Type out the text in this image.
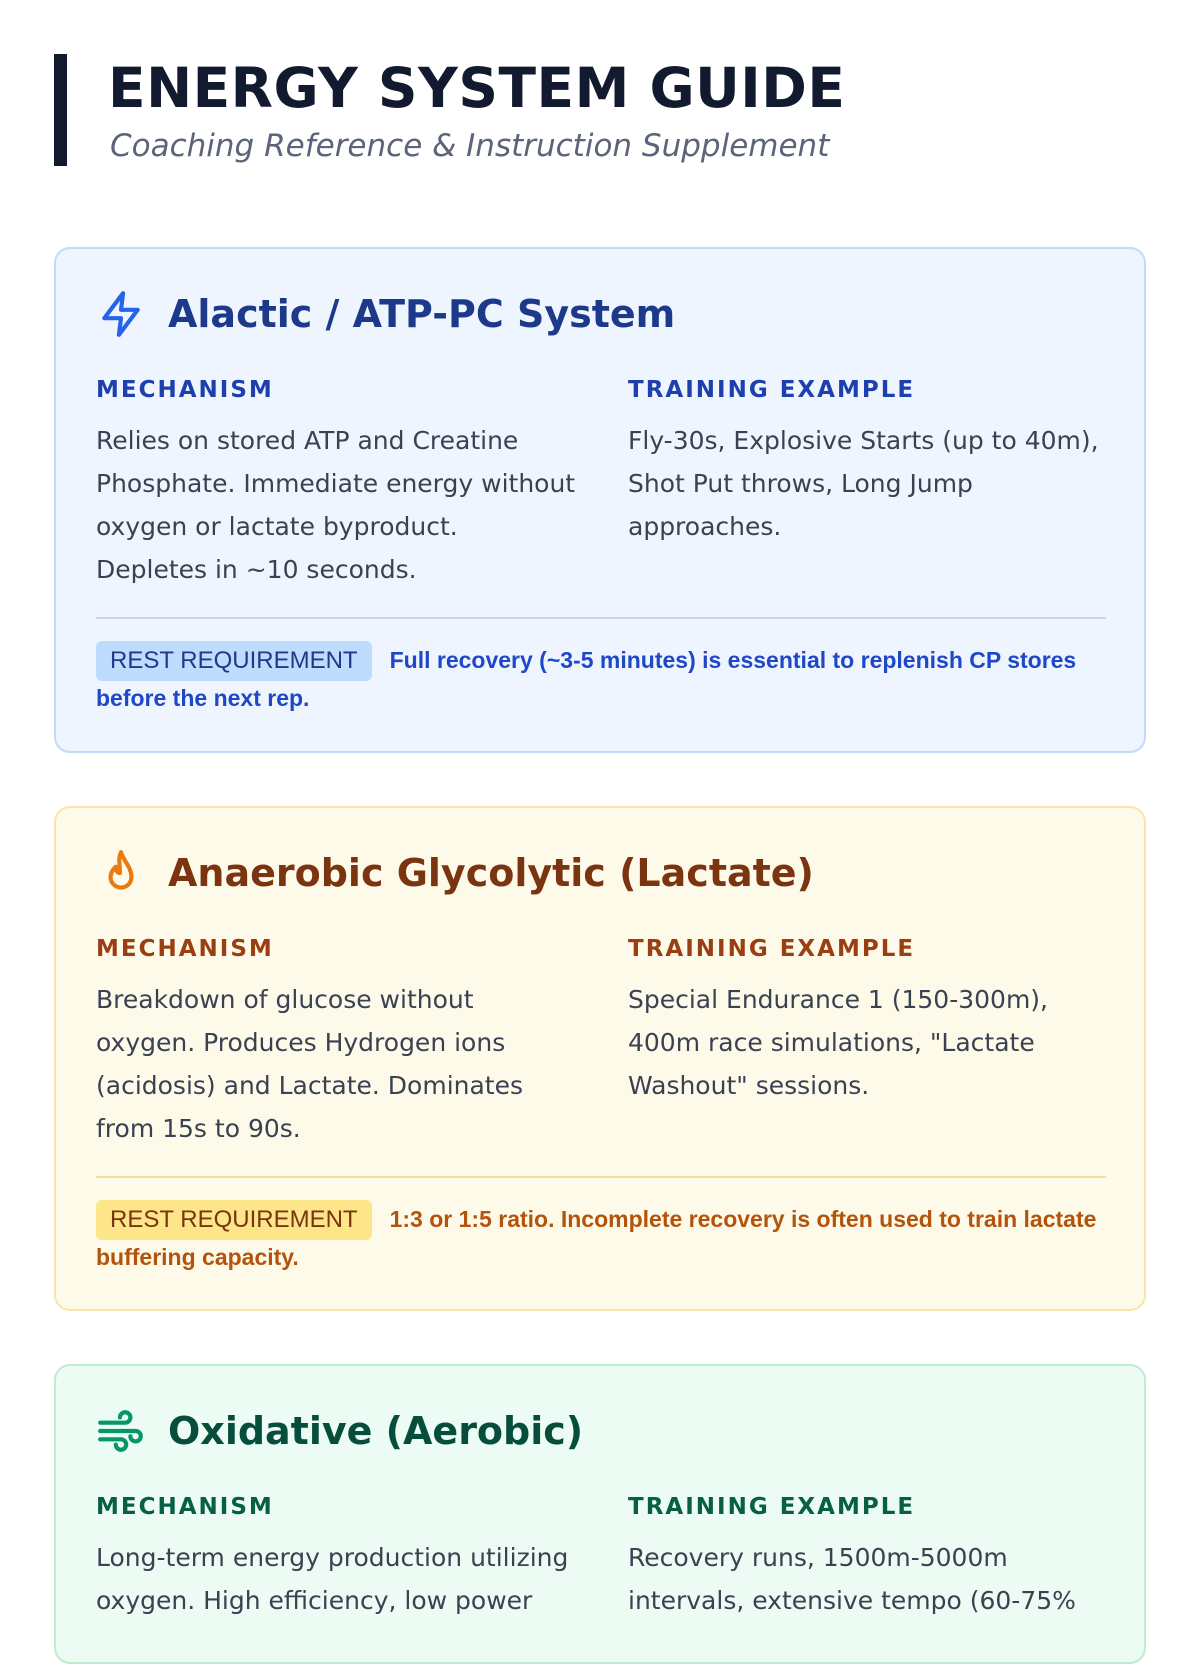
ENERGY SYSTEM GUIDE

Coaching Reference & Instruction Supplement

Alactic / ATP-PC System
MECHANISM

Relies on stored ATP and Creatine Phosphate. Immediate energy without oxygen or lactate byproduct. Depletes in ~10 seconds.

TRAINING EXAMPLE

Fly-30s, Explosive Starts (up to 40m), Shot Put throws, Long Jump approaches.

REST REQUIREMENT Full recovery (~3-5 minutes) is essential to replenish CP stores before the next rep.

Anaerobic Glycolytic (Lactate)
MECHANISM

Breakdown of glucose without oxygen. Produces Hydrogen ions (acidosis) and Lactate. Dominates from 15s to 90s.

TRAINING EXAMPLE

Special Endurance 1 (150-300m), 400m race simulations, "Lactate Washout" sessions.

REST REQUIREMENT 1:3 or 1:5 ratio. Incomplete recovery is often used to train lactate buffering capacity.

Oxidative (Aerobic)
MECHANISM

Long-term energy production utilizing oxygen. High efficiency, low power

TRAINING EXAMPLE

Recovery runs, 1500m-5000m intervals, extensive tempo (60-75%
